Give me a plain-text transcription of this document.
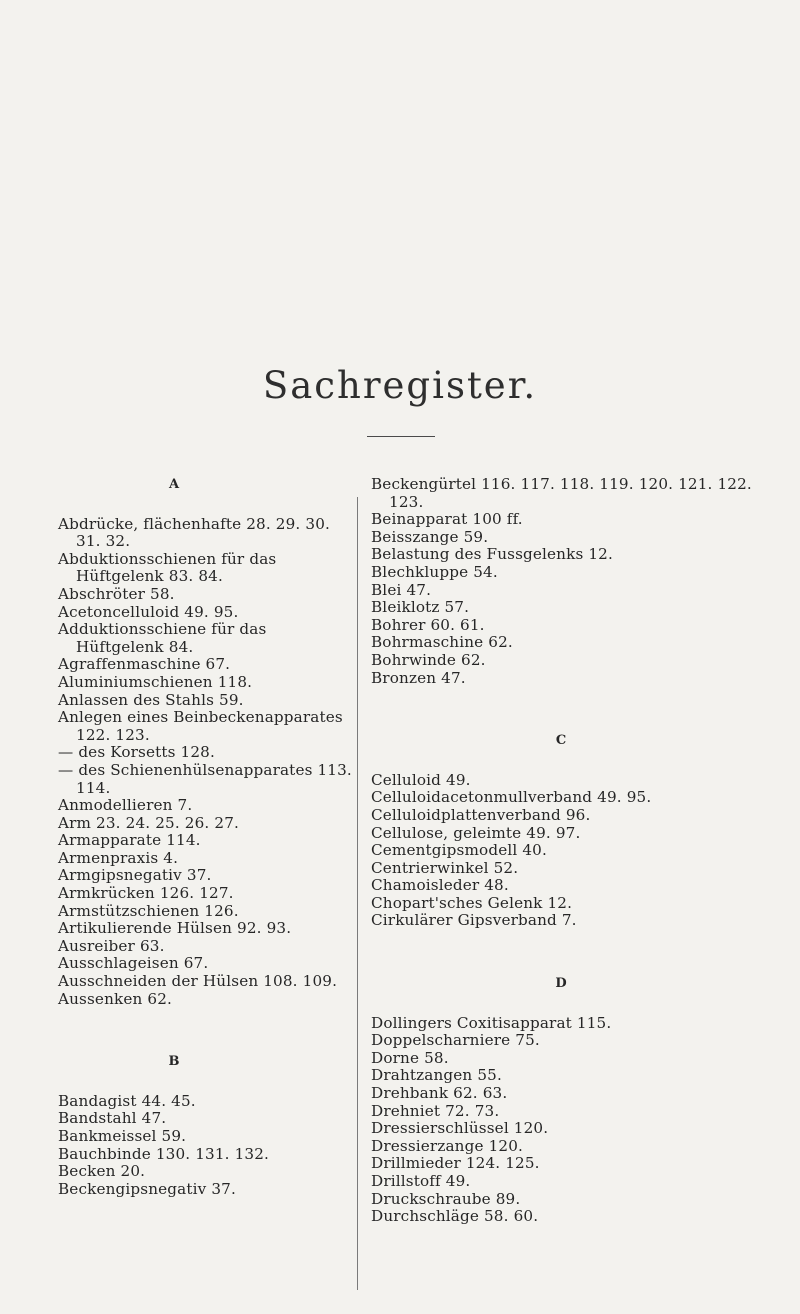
Sachregister.
A
Abdrücke, flächenhafte 28. 29. 30. 31. 32.
Abduktionsschienen für das Hüftgelenk 83. 84.
Abschröter 58.
Acetoncelluloid 49. 95.
Adduktionsschiene für das Hüftgelenk 84.
Agraffenmaschine 67.
Aluminiumschienen 118.
Anlassen des Stahls 59.
Anlegen eines Beinbeckenapparates 122. 123.
— des Korsetts 128.
— des Schienenhülsenapparates 113. 114.
Anmodellieren 7.
Arm 23. 24. 25. 26. 27.
Armapparate 114.
Armenpraxis 4.
Armgipsnegativ 37.
Armkrücken 126. 127.
Armstützschienen 126.
Artikulierende Hülsen 92. 93.
Ausreiber 63.
Ausschlageisen 67.
Ausschneiden der Hülsen 108. 109.
Aussenken 62.
B
Bandagist 44. 45.
Bandstahl 47.
Bankmeissel 59.
Bauchbinde 130. 131. 132.
Becken 20.
Beckengipsnegativ 37.
Beckengürtel 116. 117. 118. 119. 120. 121. 122. 123.
Beinapparat 100 ff.
Beisszange 59.
Belastung des Fussgelenks 12.
Blechkluppe 54.
Blei 47.
Bleiklotz 57.
Bohrer 60. 61.
Bohrmaschine 62.
Bohrwinde 62.
Bronzen 47.
C
Celluloid 49.
Celluloidacetonmullverband 49. 95.
Celluloidplattenverband 96.
Cellulose, geleimte 49. 97.
Cementgipsmodell 40.
Centrierwinkel 52.
Chamoisleder 48.
Chopart'sches Gelenk 12.
Cirkulärer Gipsverband 7.
D
Dollingers Coxitisapparat 115.
Doppelscharniere 75.
Dorne 58.
Drahtzangen 55.
Drehbank 62. 63.
Drehniet 72. 73.
Dressierschlüssel 120.
Dressierzange 120.
Drillmieder 124. 125.
Drillstoff 49.
Druckschraube 89.
Durchschläge 58. 60.
